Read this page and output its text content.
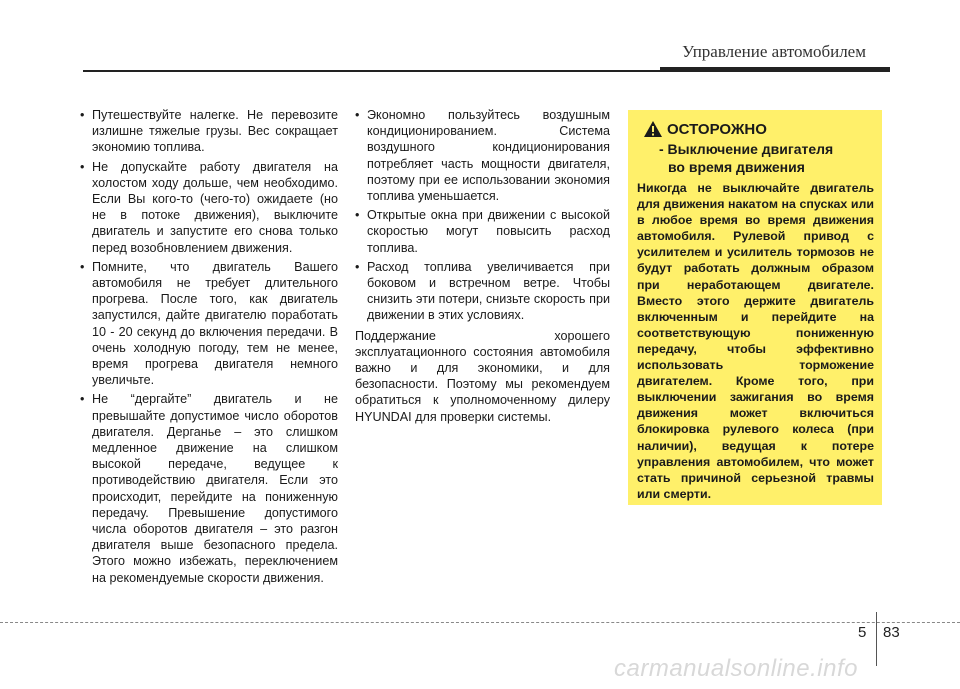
Управление автомобилем
• Путешествуйте налегке. Не перевозите излишне тяжелые грузы. Вес сокращает экономию топлива.
• Не допускайте работу двигателя на холостом ходу дольше, чем необходимо. Если Вы кого-то (чего-то) ожидаете (но не в потоке движения), выключите двигатель и запустите его снова только перед возобновлением движения.
• Помните, что двигатель Вашего автомобиля не требует длительного прогрева. После того, как двигатель запустился, дайте двигателю поработать 10 - 20 секунд до включения передачи. В очень холодную погоду, тем не менее, время прогрева двигателя немного увеличьте.
• Не “дергайте” двигатель и не превышайте допустимое число оборотов двигателя. Дерганье – это слишком медленное движение на слишком высокой передаче, ведущее к противодействию двигателя. Если это происходит, перейдите на пониженную передачу. Превышение допустимого числа оборотов двигателя – это разгон двигателя выше безопасного предела. Этого можно избежать, переключением на рекомендуемые скорости движения.
• Экономно пользуйтесь воздушным кондиционированием. Система воздушного кондиционирования потребляет часть мощности двигателя, поэтому при ее использовании экономия топлива уменьшается.
• Открытые окна при движении с высокой скоростью могут повысить расход топлива.
• Расход топлива увеличивается при боковом и встречном ветре. Чтобы снизить эти потери, снизьте скорость при движении в этих условиях.
Поддержание хорошего эксплуатационного состояния автомобиля важно и для экономики, и для безопасности. Поэтому мы рекомендуем обратиться к уполномоченному дилеру HYUNDAI для проверки системы.
ОСТОРОЖНО
- Выключение двигателя
во время движения
Никогда не выключайте двигатель для движения накатом на спусках или в любое время во время движения автомобиля. Рулевой привод с усилителем и усилитель тормозов не будут работать должным образом при неработающем двигателе. Вместо этого держите двигатель включенным и перейдите на соответствующую пониженную передачу, чтобы эффективно использовать торможение двигателем. Кроме того, при выключении зажигания во время движения может включиться блокировка рулевого колеса (при наличии), ведущая к потере управления автомобилем, что может стать причиной серьезной травмы или смерти.
5 83
carmanualsonline.info
